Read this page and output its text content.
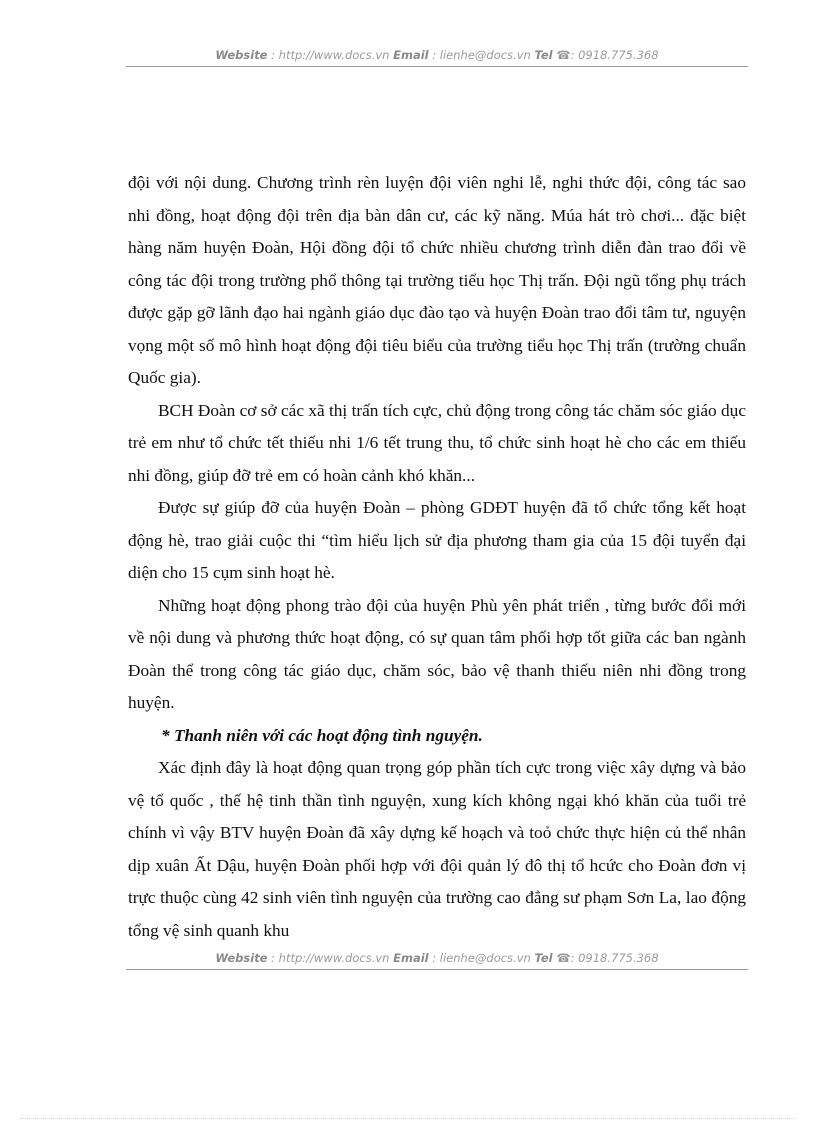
Website : http://www.docs.vn Email : lienhe@docs.vn Tel ☎: 0918.775.368

đội với nội dung. Chương trình rèn luyện đội viên nghi lễ, nghi thức đội, công tác sao nhi đồng, hoạt động đội trên địa bàn dân cư, các kỹ năng. Múa hát trò chơi... đặc biệt hàng năm huyện Đoàn, Hội đồng đội tổ chức nhiều chương trình diễn đàn trao đổi về công tác đội trong trường phổ thông tại trường tiểu học Thị trấn. Đội ngũ tổng phụ trách được gặp gỡ lãnh đạo hai ngành giáo dục đào tạo và huyện Đoàn trao đổi tâm tư, nguyện vọng một số mô hình hoạt động đội tiêu biểu của trường tiểu học Thị trấn (trường chuẩn Quốc gia).

BCH Đoàn cơ sở các xã thị trấn tích cực, chủ động trong công tác chăm sóc giáo dục trẻ em như tổ chức tết thiếu nhi 1/6 tết trung thu, tổ chức sinh hoạt hè cho các em thiếu nhi đồng, giúp đỡ trẻ em có hoàn cảnh khó khăn...

Được sự giúp đỡ của huyện Đoàn – phòng GDĐT huyện đã tổ chức tổng kết hoạt động hè, trao giải cuộc thi “tìm hiểu lịch sử địa phương tham gia của 15 đội tuyển đại diện cho 15 cụm sinh hoạt hè.

Những hoạt động phong trào đội của huyện Phù yên phát triển , từng bước đổi mới về nội dung và phương thức hoạt động, có sự quan tâm phối hợp tốt giữa các ban ngành Đoàn thể trong công tác giáo dục, chăm sóc, bảo vệ thanh thiếu niên nhi đồng trong huyện.

* Thanh niên với các hoạt động tình nguyện.

Xác định đây là hoạt động quan trọng góp phần tích cực trong việc xây dựng và bảo vệ tổ quốc , thế hệ tinh thần tình nguyện, xung kích không ngại khó khăn của tuổi trẻ chính vì vậy BTV huyện Đoàn đã xây dựng kế hoạch và toỏ chức thực hiện củ thể nhân dịp xuân Ất Dậu, huyện Đoàn phối hợp với đội quản lý đô thị tổ hcức cho Đoàn đơn vị trực thuộc cùng 42 sinh viên tình nguyện của trường cao đẳng sư phạm Sơn La, lao động tổng vệ sinh quanh khu

Website : http://www.docs.vn Email : lienhe@docs.vn Tel ☎: 0918.775.368
